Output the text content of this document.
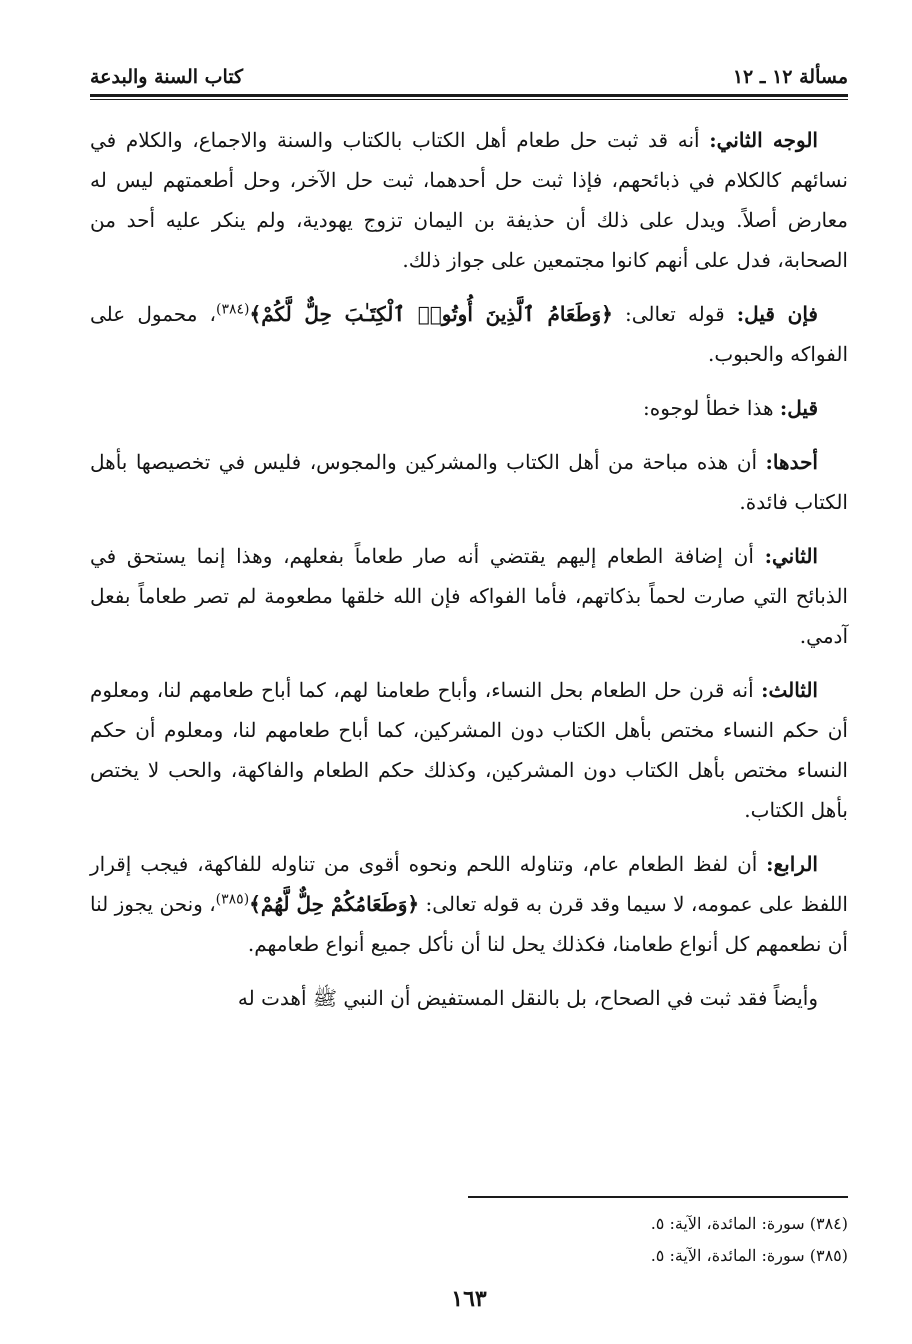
مسألة ١٢ ـ ١٢
كتاب السنة والبدعة

الوجه الثاني: أنه قد ثبت حل طعام أهل الكتاب بالكتاب والسنة والاجماع، والكلام في نسائهم كالكلام في ذبائحهم، فإذا ثبت حل أحدهما، ثبت حل الآخر، وحل أطعمتهم ليس له معارض أصلاً. ويدل على ذلك أن حذيفة بن اليمان تزوج يهودية، ولم ينكر عليه أحد من الصحابة، فدل على أنهم كانوا مجتمعين على جواز ذلك.

فإن قيل: قوله تعالى: ﴿وَطَعَامُ ٱلَّذِينَ أُوتُوا۟ ٱلْكِتَـٰبَ حِلٌّ لَّكُمْ﴾$^{(٣٨٤)}$، محمول على الفواكه والحبوب.

قيل: هذا خطأ لوجوه:

أحدها: أن هذه مباحة من أهل الكتاب والمشركين والمجوس، فليس في تخصيصها بأهل الكتاب فائدة.

الثاني: أن إضافة الطعام إليهم يقتضي أنه صار طعاماً بفعلهم، وهذا إنما يستحق في الذبائح التي صارت لحماً بذكاتهم، فأما الفواكه فإن الله خلقها مطعومة لم تصر طعاماً بفعل آدمي.

الثالث: أنه قرن حل الطعام بحل النساء، وأباح طعامنا لهم، كما أباح طعامهم لنا، ومعلوم أن حكم النساء مختص بأهل الكتاب دون المشركين، كما أباح طعامهم لنا، ومعلوم أن حكم النساء مختص بأهل الكتاب دون المشركين، وكذلك حكم الطعام والفاكهة، والحب لا يختص بأهل الكتاب.

الرابع: أن لفظ الطعام عام، وتناوله اللحم ونحوه أقوى من تناوله للفاكهة، فيجب إقرار اللفظ على عمومه، لا سيما وقد قرن به قوله تعالى: ﴿وَطَعَامُكُمْ حِلٌّ لَّهُمْ﴾$^{(٣٨٥)}$، ونحن يجوز لنا أن نطعمهم كل أنواع طعامنا، فكذلك يحل لنا أن نأكل جميع أنواع طعامهم.

وأيضاً فقد ثبت في الصحاح، بل بالنقل المستفيض أن النبي ﷺ أهدت له

(٣٨٤) سورة: المائدة، الآية: ٥.

(٣٨٥) سورة: المائدة، الآية: ٥.

١٦٣
